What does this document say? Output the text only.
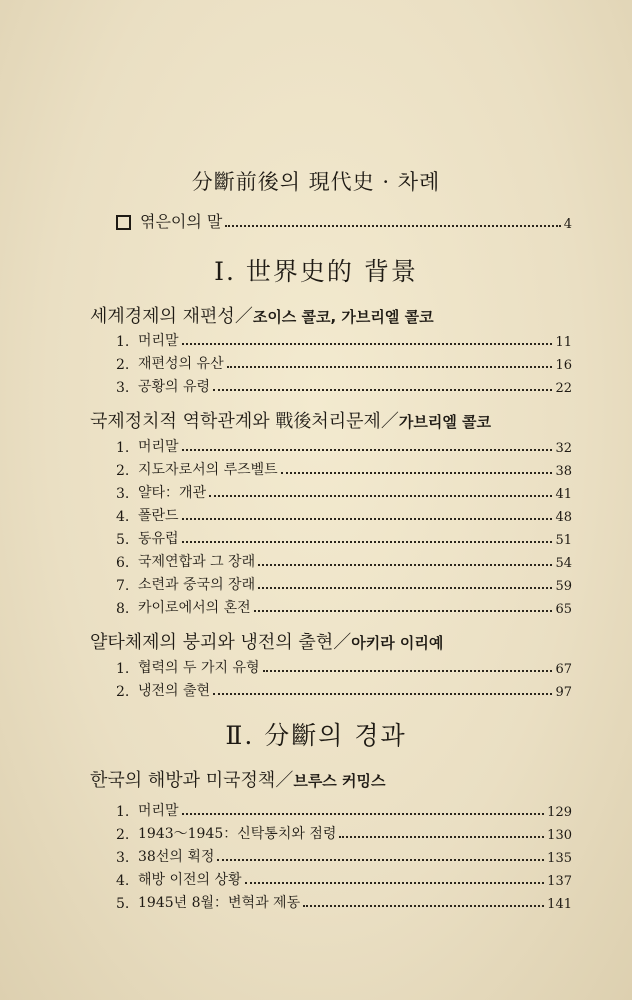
分斷前後의 現代史 · 차례
엮은이의 말	4
Ⅰ. 世界史的 背景
세계경제의 재편성／조이스 콜코, 가브리엘 콜코
1. 머리말	11
2. 재편성의 유산	16
3. 공황의 유령	22
국제정치적 역학관계와 戰後처리문제／가브리엘 콜코
1. 머리말	32
2. 지도자로서의 루즈벨트	38
3. 얄타：개관	41
4. 폴란드	48
5. 동유럽	51
6. 국제연합과 그 장래	54
7. 소련과 중국의 장래	59
8. 카이로에서의 혼전	65
얄타체제의 붕괴와 냉전의 출현／아키라 이리예
1. 협력의 두 가지 유형	67
2. 냉전의 출현	97
Ⅱ. 分斷의 경과
한국의 해방과 미국정책／브루스 커밍스
1. 머리말	129
2. 1943～1945：신탁통치와 점령	130
3. 38선의 획정	135
4. 해방 이전의 상황	137
5. 1945년 8월：변혁과 제동	141
